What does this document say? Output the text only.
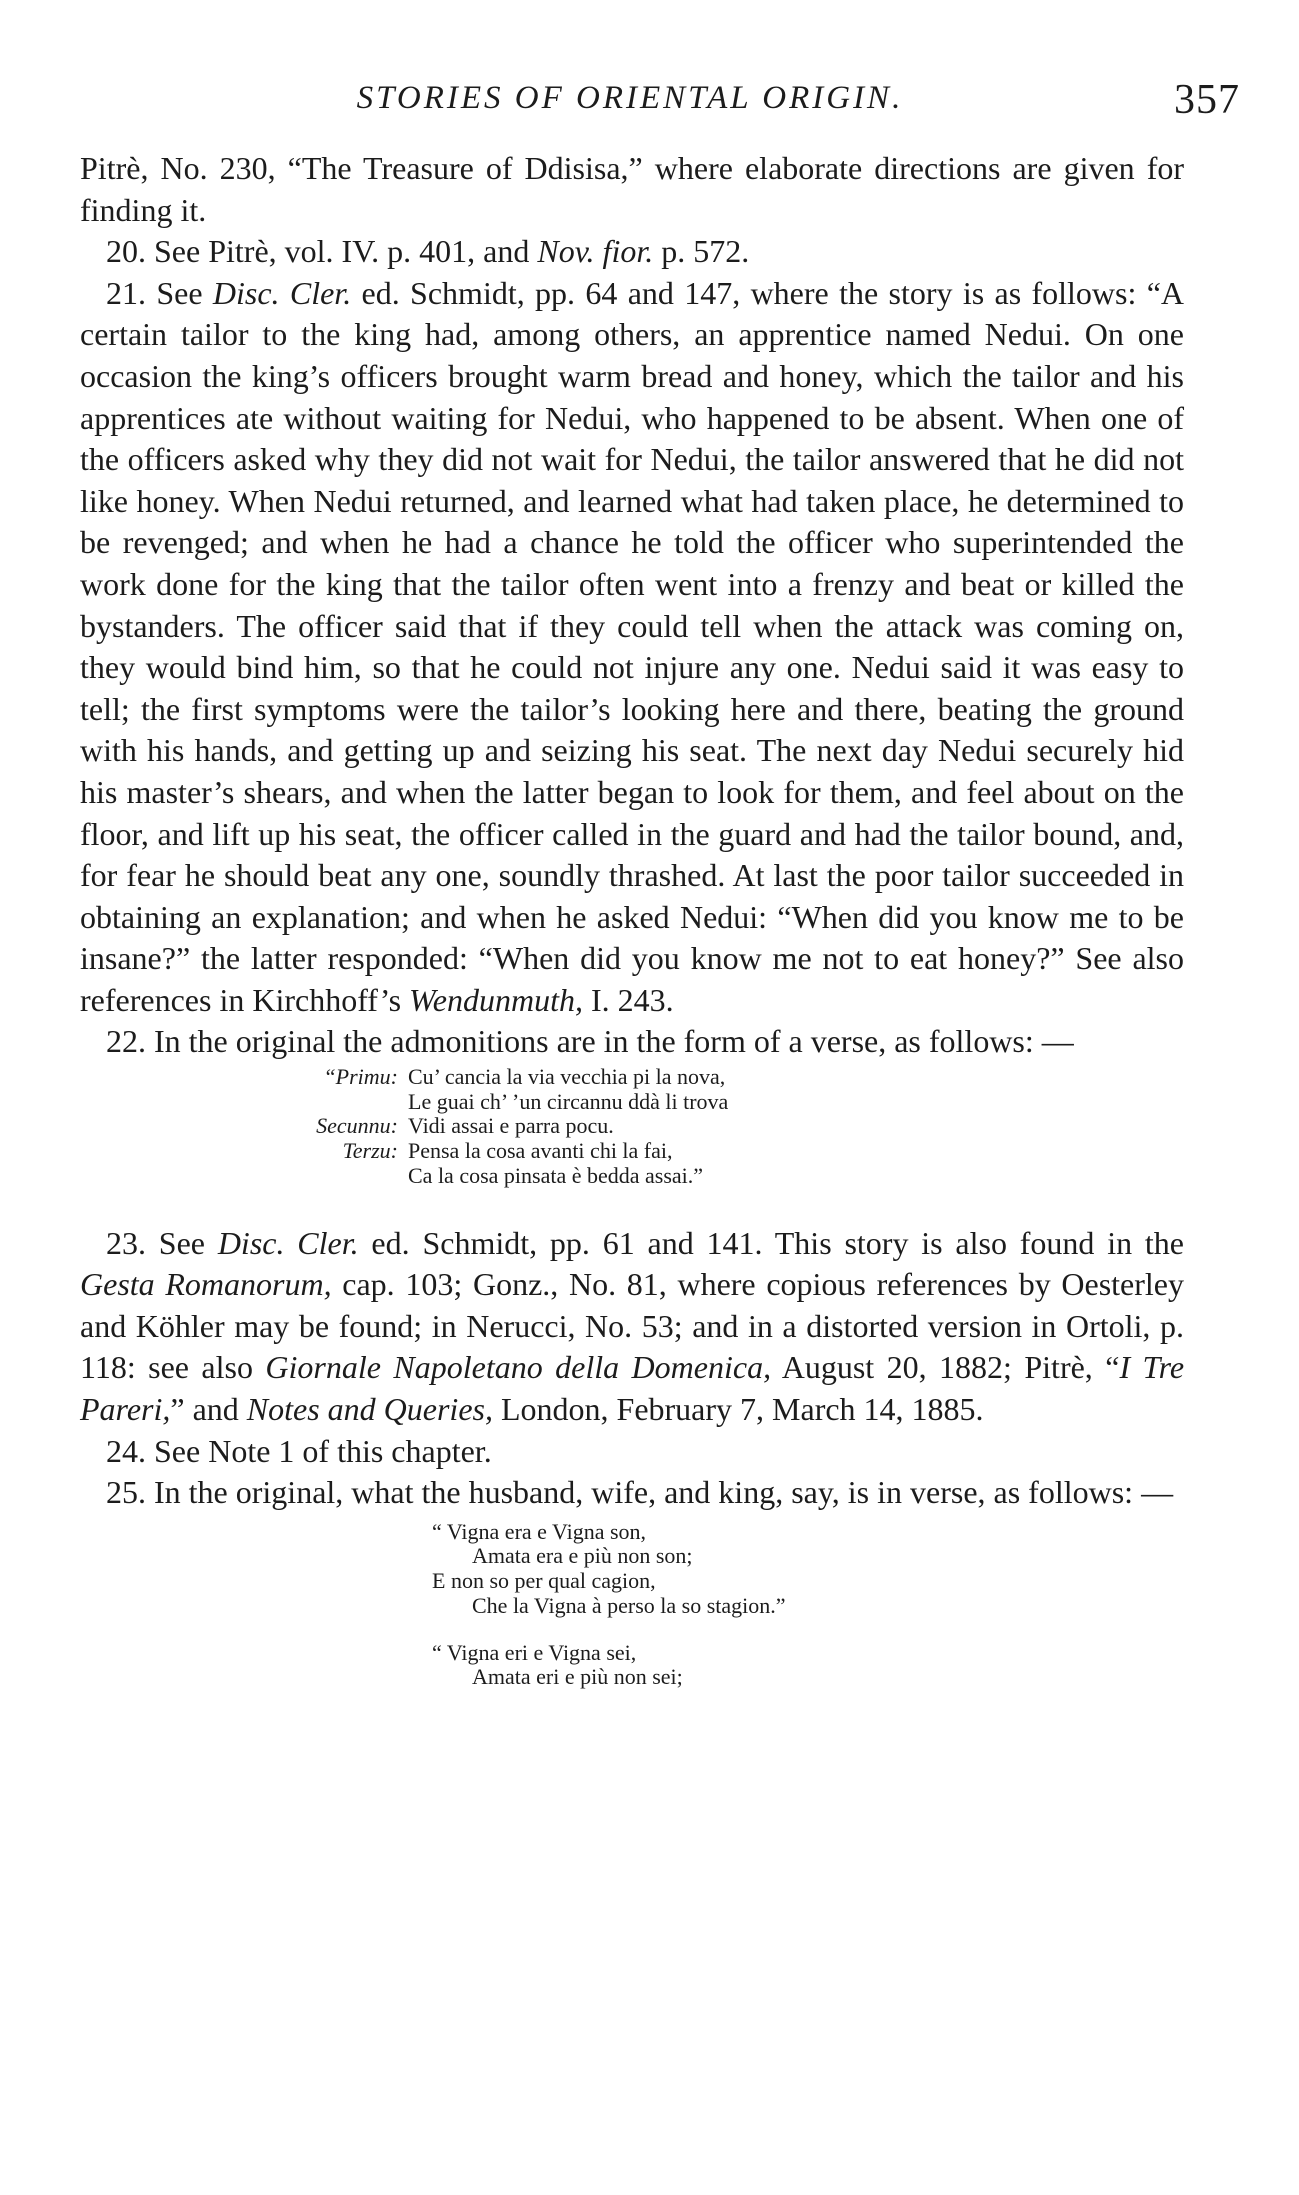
STORIES OF ORIENTAL ORIGIN.	357

Pitrè, No. 230, “The Treasure of Ddisisa,” where elaborate directions are given for finding it.

20. See Pitrè, vol. IV. p. 401, and Nov. fior. p. 572.

21. See Disc. Cler. ed. Schmidt, pp. 64 and 147, where the story is as follows: “A certain tailor to the king had, among others, an apprentice named Nedui. On one occasion the king’s officers brought warm bread and honey, which the tailor and his apprentices ate without waiting for Nedui, who happened to be absent. When one of the officers asked why they did not wait for Nedui, the tailor answered that he did not like honey. When Nedui returned, and learned what had taken place, he determined to be revenged; and when he had a chance he told the officer who superintended the work done for the king that the tailor often went into a frenzy and beat or killed the bystanders. The officer said that if they could tell when the attack was coming on, they would bind him, so that he could not injure any one. Nedui said it was easy to tell; the first symptoms were the tailor’s looking here and there, beating the ground with his hands, and getting up and seizing his seat. The next day Nedui securely hid his master’s shears, and when the latter began to look for them, and feel about on the floor, and lift up his seat, the officer called in the guard and had the tailor bound, and, for fear he should beat any one, soundly thrashed. At last the poor tailor succeeded in obtaining an explanation; and when he asked Nedui: “When did you know me to be insane?” the latter responded: “When did you know me not to eat honey?” See also references in Kirchhoff’s Wendunmuth, I. 243.

22. In the original the admonitions are in the form of a verse, as follows: —

“Primu: Cu’ cancia la via vecchia pi la nova,
Le guai ch’ ’un circannu ddà li trova
Secunnu: Vidi assai e parra pocu.
Terzu: Pensa la cosa avanti chi la fai,
Ca la cosa pinsata è bedda assai.”

23. See Disc. Cler. ed. Schmidt, pp. 61 and 141. This story is also found in the Gesta Romanorum, cap. 103; Gonz., No. 81, where copious references by Oesterley and Köhler may be found; in Nerucci, No. 53; and in a distorted version in Ortoli, p. 118: see also Giornale Napoletano della Domenica, August 20, 1882; Pitrè, “I Tre Pareri,” and Notes and Queries, London, February 7, March 14, 1885.

24. See Note 1 of this chapter.

25. In the original, what the husband, wife, and king, say, is in verse, as follows: —

“ Vigna era e Vigna son,
Amata era e più non son;
E non so per qual cagion,
Che la Vigna à perso la so stagion.”
“ Vigna eri e Vigna sei,
Amata eri e più non sei;
